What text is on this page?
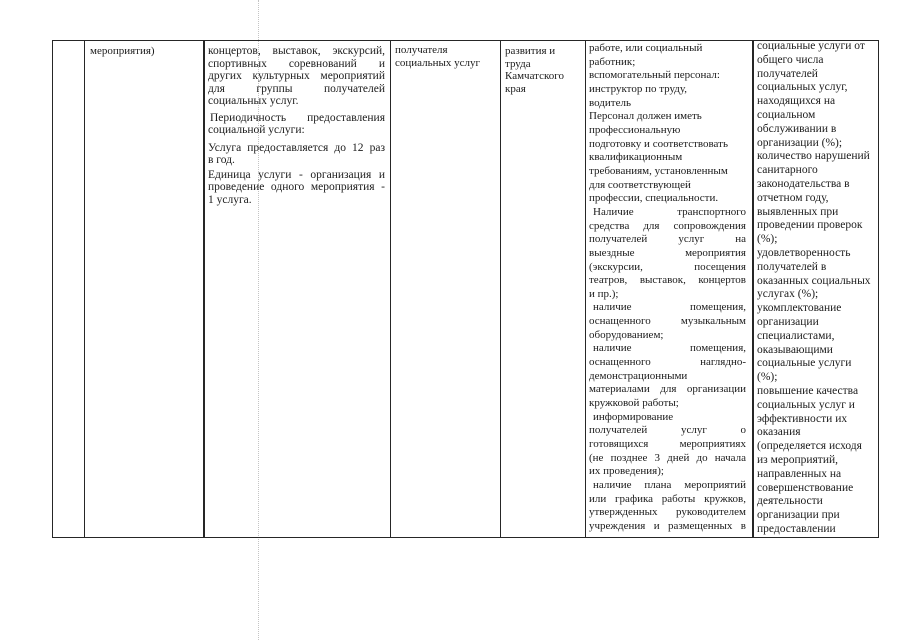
мероприятия)	концертов, выставок, экскурсий,
спортивных соревнований и
других культурных мероприятий
для группы получателей
социальных услуг.
Периодичность предоставления
социальной услуги:
Услуга предоставляется до 12 раз
в год.
Единица услуги - организация и
проведение одного мероприятия -
1 услуга.
получателя
социальных услуг
развития и
труда
Камчатского
края
работе, или социальный
работник;
вспомогательный персонал:
инструктор по труду,
водитель
Персонал должен иметь
профессиональную
подготовку и соответствовать
квалификационным
требованиям, установленным
для соответствующей
профессии, специальности.
Наличие транспортного
средства для сопровождения
получателей услуг на
выездные мероприятия
(экскурсии, посещения
театров, выставок, концертов
и пр.);
наличие помещения,
оснащенного музыкальным
оборудованием;
наличие помещения,
оснащенного наглядно-
демонстрационными
материалами для организации
кружковой работы;
информирование
получателей услуг о
готовящихся мероприятиях
(не позднее 3 дней до начала
их проведения);
наличие плана мероприятий
или графика работы кружков,
утвержденных руководителем
учреждения и размещенных в
социальные услуги от
общего числа
получателей
социальных услуг,
находящихся на
социальном
обслуживании в
организации (%);
количество нарушений
санитарного
законодательства в
отчетном году,
выявленных при
проведении проверок
(%);
удовлетворенность
получателей в
оказанных социальных
услугах (%);
укомплектование
организации
специалистами,
оказывающими
социальные услуги
(%);
повышение качества
социальных услуг и
эффективности их
оказания
(определяется исходя
из мероприятий,
направленных на
совершенствование
деятельности
организации при
предоставлении
